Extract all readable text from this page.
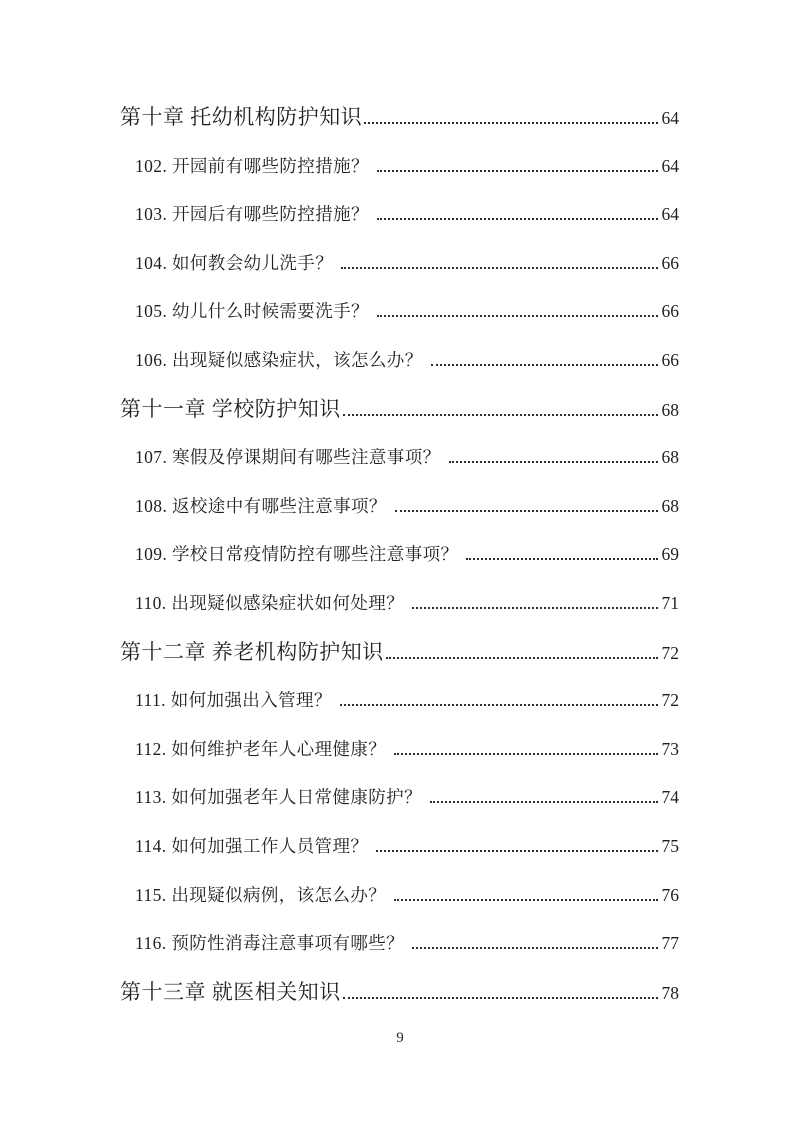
第十章 托幼机构防护知识	64
102. 开园前有哪些防控措施？	64
103. 开园后有哪些防控措施？	64
104. 如何教会幼儿洗手？	66
105. 幼儿什么时候需要洗手？	66
106. 出现疑似感染症状，该怎么办？	66
第十一章 学校防护知识	68
107. 寒假及停课期间有哪些注意事项？	68
108. 返校途中有哪些注意事项？	68
109. 学校日常疫情防控有哪些注意事项？	69
110. 出现疑似感染症状如何处理？	71
第十二章 养老机构防护知识	72
111. 如何加强出入管理？	72
112. 如何维护老年人心理健康？	73
113. 如何加强老年人日常健康防护？	74
114. 如何加强工作人员管理？	75
115. 出现疑似病例，该怎么办？	76
116. 预防性消毒注意事项有哪些？	77
第十三章 就医相关知识	78
9
